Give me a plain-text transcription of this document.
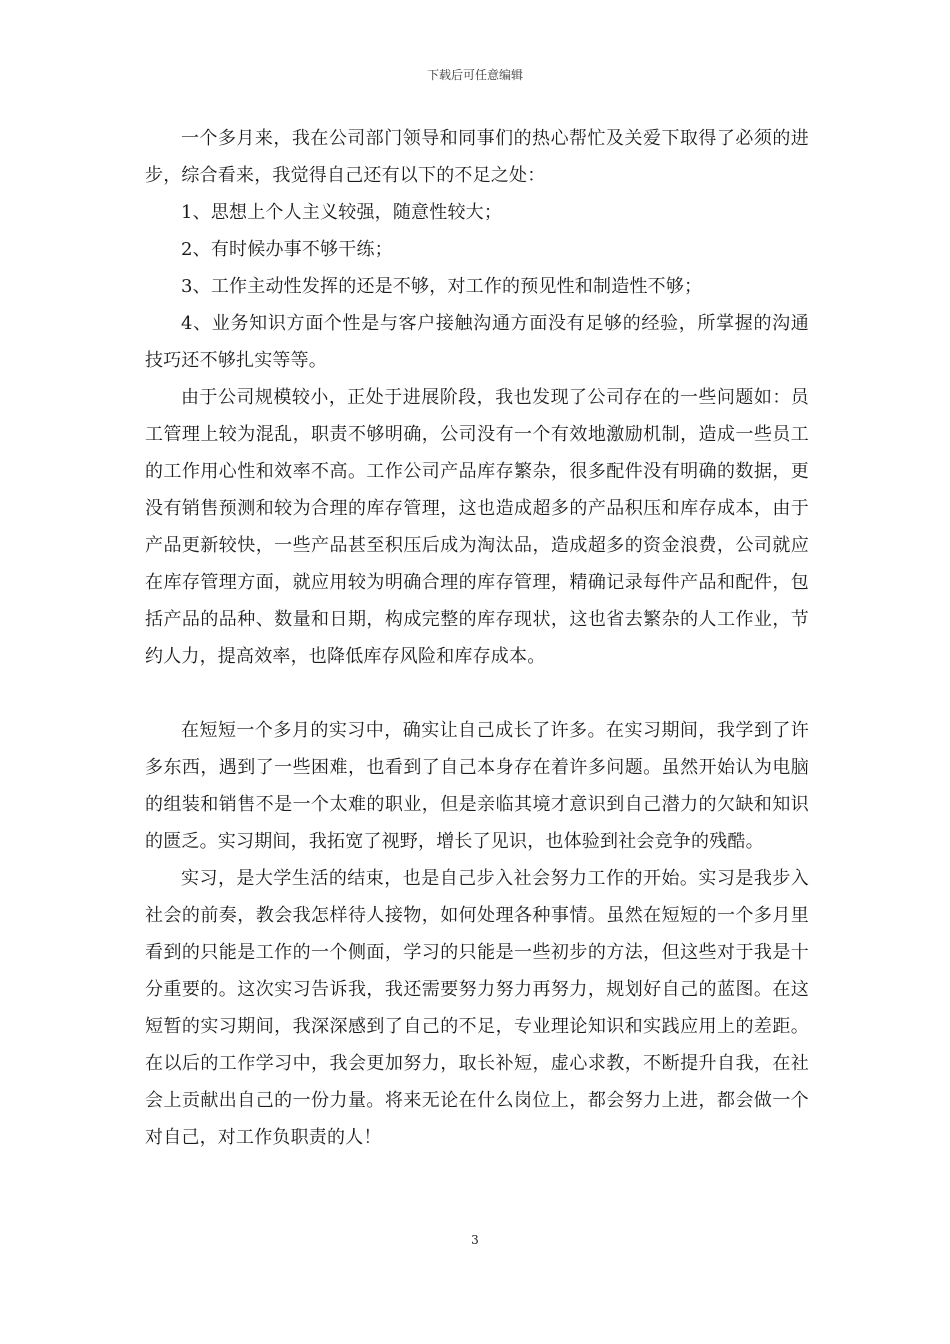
下载后可任意编辑

一个多月来，我在公司部门领导和同事们的热心帮忙及关爱下取得了必须的进步，综合看来，我觉得自己还有以下的不足之处：

1、思想上个人主义较强，随意性较大；

2、有时候办事不够干练；

3、工作主动性发挥的还是不够，对工作的预见性和制造性不够；

4、业务知识方面个性是与客户接触沟通方面没有足够的经验，所掌握的沟通技巧还不够扎实等等。

由于公司规模较小，正处于进展阶段，我也发现了公司存在的一些问题如：员工管理上较为混乱，职责不够明确，公司没有一个有效地激励机制，造成一些员工的工作用心性和效率不高。工作公司产品库存繁杂，很多配件没有明确的数据，更没有销售预测和较为合理的库存管理，这也造成超多的产品积压和库存成本，由于产品更新较快，一些产品甚至积压后成为淘汰品，造成超多的资金浪费，公司就应在库存管理方面，就应用较为明确合理的库存管理，精确记录每件产品和配件，包括产品的品种、数量和日期，构成完整的库存现状，这也省去繁杂的人工作业，节约人力，提高效率，也降低库存风险和库存成本。

在短短一个多月的实习中，确实让自己成长了许多。在实习期间，我学到了许多东西，遇到了一些困难，也看到了自己本身存在着许多问题。虽然开始认为电脑的组装和销售不是一个太难的职业，但是亲临其境才意识到自己潜力的欠缺和知识的匮乏。实习期间，我拓宽了视野，增长了见识，也体验到社会竞争的残酷。

实习，是大学生活的结束，也是自己步入社会努力工作的开始。实习是我步入社会的前奏，教会我怎样待人接物，如何处理各种事情。虽然在短短的一个多月里看到的只能是工作的一个侧面，学习的只能是一些初步的方法，但这些对于我是十分重要的。这次实习告诉我，我还需要努力努力再努力，规划好自己的蓝图。在这短暂的实习期间，我深深感到了自己的不足，专业理论知识和实践应用上的差距。在以后的工作学习中，我会更加努力，取长补短，虚心求教，不断提升自我，在社会上贡献出自己的一份力量。将来无论在什么岗位上，都会努力上进，都会做一个对自己，对工作负职责的人！

3
